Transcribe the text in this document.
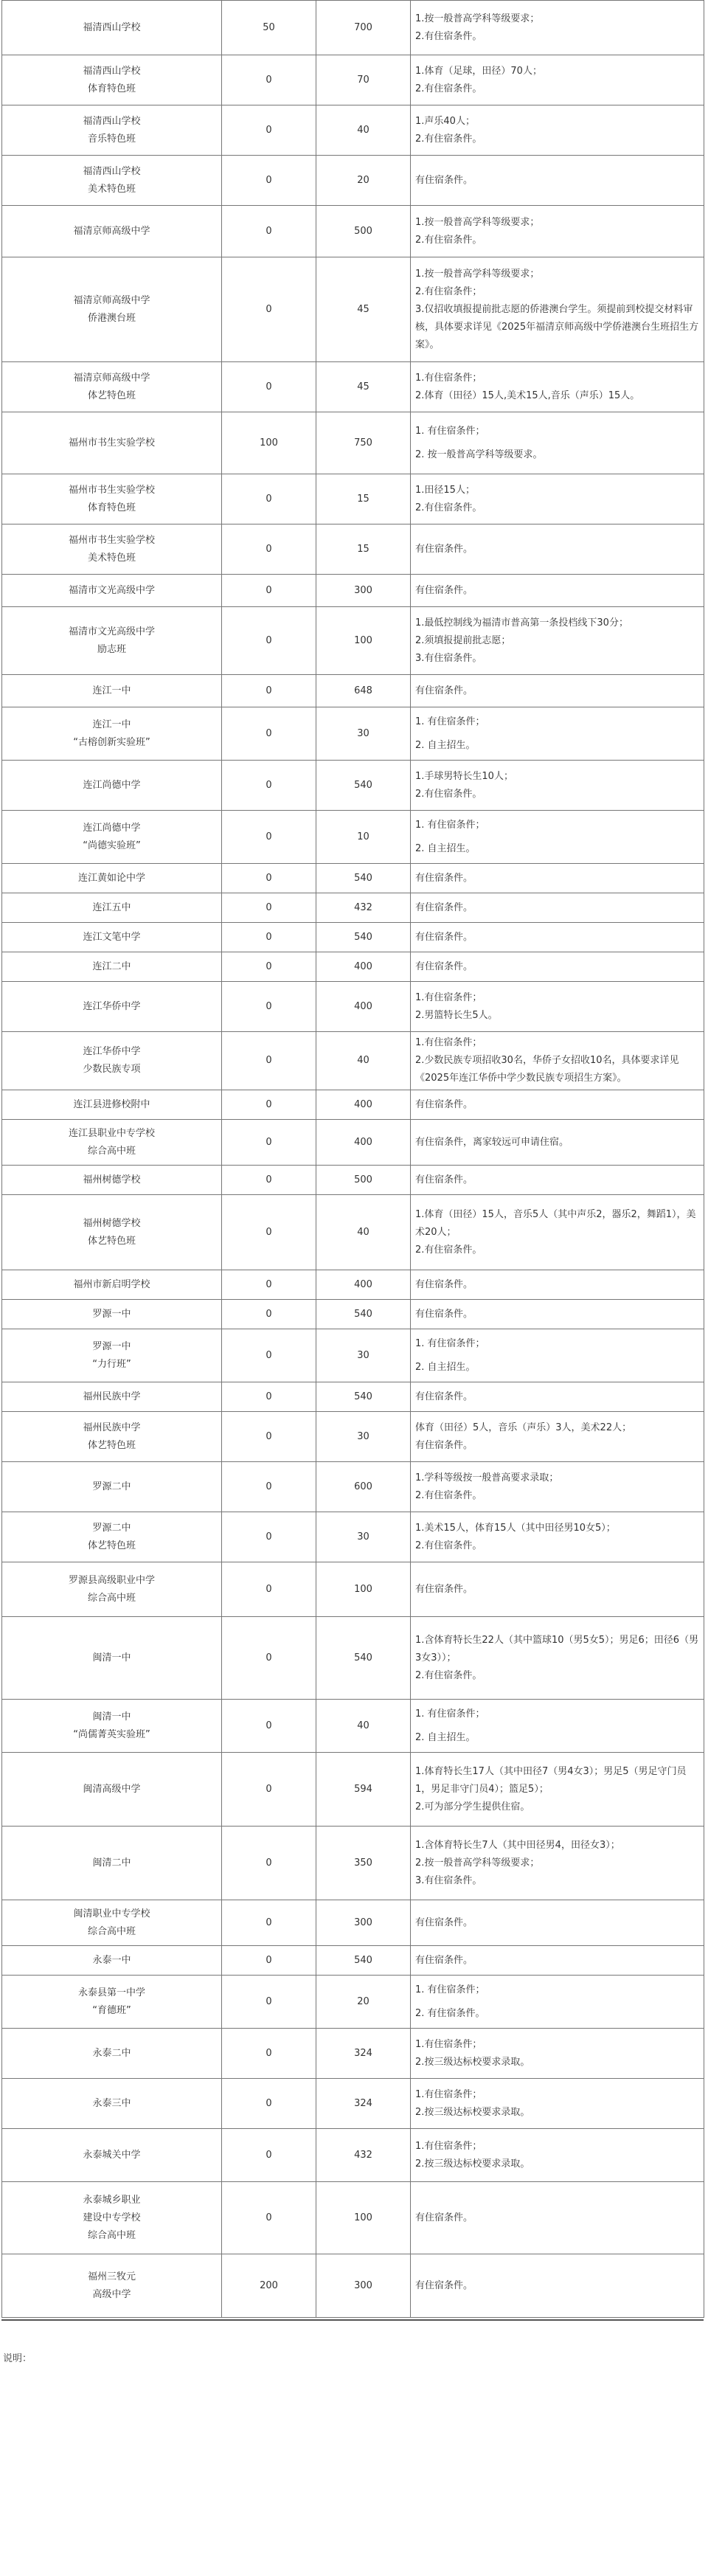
福清西山学校	50	700	1.按一般普高学科等级要求；
2.有住宿条件。

福清西山学校
体育特色班	0	70	1.体育（足球，田径）70人；
2.有住宿条件。

福清西山学校
音乐特色班	0	40	1.声乐40人；
2.有住宿条件。

福清西山学校
美术特色班	0	20	有住宿条件。

福清京师高级中学	0	500	1.按一般普高学科等级要求；
2.有住宿条件。

福清京师高级中学
侨港澳台班	0	45	1.按一般普高学科等级要求；
2.有住宿条件；
3.仅招收填报提前批志愿的侨港澳台学生。须提前到校提交材料审核，具体要求详见《2025年福清京师高级中学侨港澳台生班招生方案》。

福清京师高级中学
体艺特色班	0	45	1.有住宿条件；
2.体育（田径）15人,美术15人,音乐（声乐）15人。

福州市书生实验学校	100	750	1. 有住宿条件；
2. 按一般普高学科等级要求。

福州市书生实验学校
体育特色班	0	15	1.田径15人；
2.有住宿条件。

福州市书生实验学校
美术特色班	0	15	有住宿条件。

福清市文光高级中学	0	300	有住宿条件。

福清市文光高级中学
励志班	0	100	1.最低控制线为福清市普高第一条投档线下30分；
2.须填报提前批志愿；
3.有住宿条件。

连江一中	0	648	有住宿条件。

连江一中
“古榕创新实验班”	0	30	1. 有住宿条件；
2. 自主招生。

连江尚德中学	0	540	1.手球男特长生10人；
2.有住宿条件。

连江尚德中学
“尚德实验班”	0	10	1. 有住宿条件；
2. 自主招生。

连江黄如论中学	0	540	有住宿条件。

连江五中	0	432	有住宿条件。

连江文笔中学	0	540	有住宿条件。

连江二中	0	400	有住宿条件。

连江华侨中学	0	400	1.有住宿条件；
2.男篮特长生5人。

连江华侨中学
少数民族专项	0	40	1.有住宿条件；
2.少数民族专项招收30名，华侨子女招收10名，具体要求详见《2025年连江华侨中学少数民族专项招生方案》。

连江县进修校附中	0	400	有住宿条件。

连江县职业中专学校
综合高中班	0	400	有住宿条件，离家较远可申请住宿。

福州树德学校	0	500	有住宿条件。

福州树德学校
体艺特色班	0	40	1.体育（田径）15人，音乐5人（其中声乐2，器乐2，舞蹈1），美术20人；
2.有住宿条件。

福州市新启明学校	0	400	有住宿条件。

罗源一中	0	540	有住宿条件。

罗源一中
“力行班”	0	30	1. 有住宿条件；
2. 自主招生。

福州民族中学	0	540	有住宿条件。

福州民族中学
体艺特色班	0	30	体育（田径）5人，音乐（声乐）3人，美术22人；
有住宿条件。

罗源二中	0	600	1.学科等级按一般普高要求录取；
2.有住宿条件。

罗源二中
体艺特色班	0	30	1.美术15人，体育15人（其中田径男10女5）；
2.有住宿条件。

罗源县高级职业中学
综合高中班	0	100	有住宿条件。

闽清一中	0	540	1.含体育特长生22人（其中篮球10（男5女5）；男足6；田径6（男3女3））；
2.有住宿条件。

闽清一中
“尚儒菁英实验班”	0	40	1. 有住宿条件；
2. 自主招生。

闽清高级中学	0	594	1.体育特长生17人（其中田径7（男4女3）；男足5（男足守门员1，男足非守门员4）；篮足5）；
2.可为部分学生提供住宿。

闽清二中	0	350	1.含体育特长生7人（其中田径男4，田径女3）；
2.按一般普高学科等级要求；
3.有住宿条件。

闽清职业中专学校
综合高中班	0	300	有住宿条件。

永泰一中	0	540	有住宿条件。

永泰县第一中学
“育德班”	0	20	1. 有住宿条件；
2. 有住宿条件。

永泰二中	0	324	1.有住宿条件；
2.按三级达标校要求录取。

永泰三中	0	324	1.有住宿条件；
2.按三级达标校要求录取。

永泰城关中学	0	432	1.有住宿条件；
2.按三级达标校要求录取。

永泰城乡职业
建设中专学校
综合高中班	0	100	有住宿条件。

福州三牧元
高级中学	200	300	有住宿条件。
说明：
